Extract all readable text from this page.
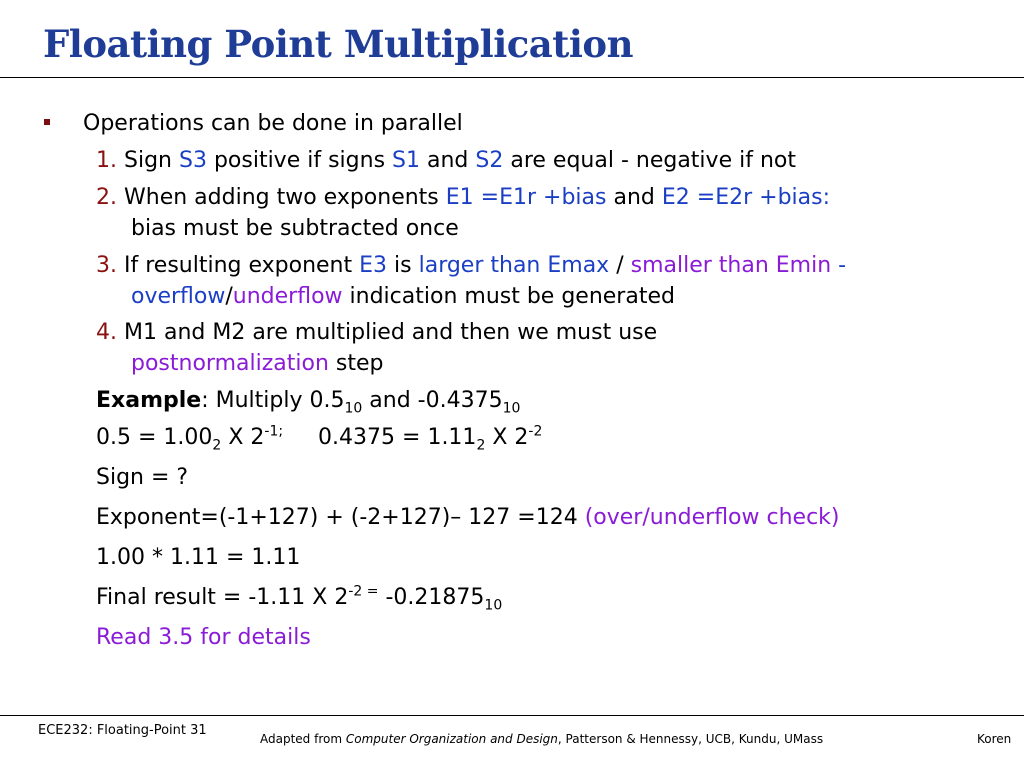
Floating Point Multiplication
Operations can be done in parallel
1. Sign S3 positive if signs S1 and S2 are equal - negative if not
2. When adding two exponents E1 =E1r +bias and E2 =E2r +bias:
bias must be subtracted once
3. If resulting exponent E3 is larger than Emax / smaller than Emin -
overflow/underflow indication must be generated
4. M1 and M2 are multiplied and then we must use
postnormalization step
Example: Multiply $0.5_{10}$ and $-0.4375_{10}$
$0.5 = 1.00_2$ X $2^{-1;}$     $0.4375 = 1.11_2$ X $2^{-2}$
Sign = ?
Exponent=(-1+127) + (-2+127)– 127 =124 (over/underflow check)
1.00 * 1.11 = 1.11
Final result = -1.11 X $2^{-2 =}$ $-0.21875_{10}$
Read 3.5 for details
ECE232: Floating-Point 31
Adapted from Computer Organization and Design, Patterson & Hennessy, UCB, Kundu, UMass	Koren
